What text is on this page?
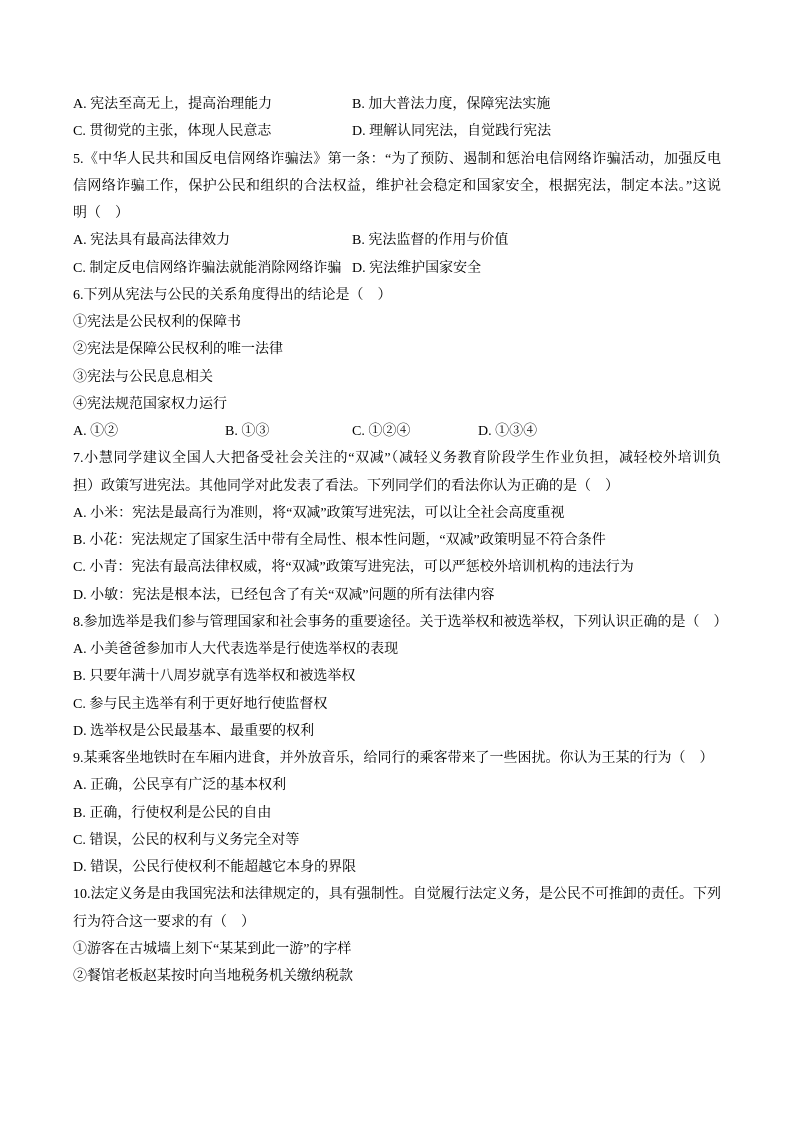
A. 宪法至高无上，提高治理能力

	B. 加大普法力度，保障宪法实施

C. 贯彻党的主张，体现人民意志

	D. 理解认同宪法，自觉践行宪法

5.《中华人民共和国反电信网络诈骗法》第一条：“为了预防、遏制和惩治电信网络诈骗活动，加强反电
信网络诈骗工作，保护公民和组织的合法权益，维护社会稳定和国家安全，根据宪法，制定本法。”这说
明（    ）

A. 宪法具有最高法律效力

	B. 宪法监督的作用与价值

C. 制定反电信网络诈骗法就能消除网络诈骗

D. 宪法维护国家安全

6.下列从宪法与公民的关系角度得出的结论是（    ）
①宪法是公民权利的保障书
②宪法是保障公民权利的唯一法律
③宪法与公民息息相关
④宪法规范国家权力运行

A. ①②

	B. ①③

	C. ①②④

	D. ①③④

7.小慧同学建议全国人大把备受社会关注的“双减”（减轻义务教育阶段学生作业负担，减轻校外培训负
担）政策写进宪法。其他同学对此发表了看法。下列同学们的看法你认为正确的是（    ）
A. 小米：宪法是最高行为准则，将“双减”政策写进宪法，可以让全社会高度重视
B. 小花：宪法规定了国家生活中带有全局性、根本性问题，“双减”政策明显不符合条件
C. 小青：宪法有最高法律权威，将“双减”政策写进宪法，可以严惩校外培训机构的违法行为
D. 小敏：宪法是根本法，已经包含了有关“双减”问题的所有法律内容
8.参加选举是我们参与管理国家和社会事务的重要途径。关于选举权和被选举权，下列认识正确的是（    ）
A. 小美爸爸参加市人大代表选举是行使选举权的表现
B. 只要年满十八周岁就享有选举权和被选举权
C. 参与民主选举有利于更好地行使监督权
D. 选举权是公民最基本、最重要的权利
9.某乘客坐地铁时在车厢内进食，并外放音乐，给同行的乘客带来了一些困扰。你认为王某的行为（    ）
A. 正确，公民享有广泛的基本权利
B. 正确，行使权利是公民的自由
C. 错误，公民的权利与义务完全对等
D. 错误，公民行使权利不能超越它本身的界限
10.法定义务是由我国宪法和法律规定的，具有强制性。自觉履行法定义务，是公民不可推卸的责任。下列
行为符合这一要求的有（    ）
①游客在古城墙上刻下“某某到此一游”的字样
②餐馆老板赵某按时向当地税务机关缴纳税款
